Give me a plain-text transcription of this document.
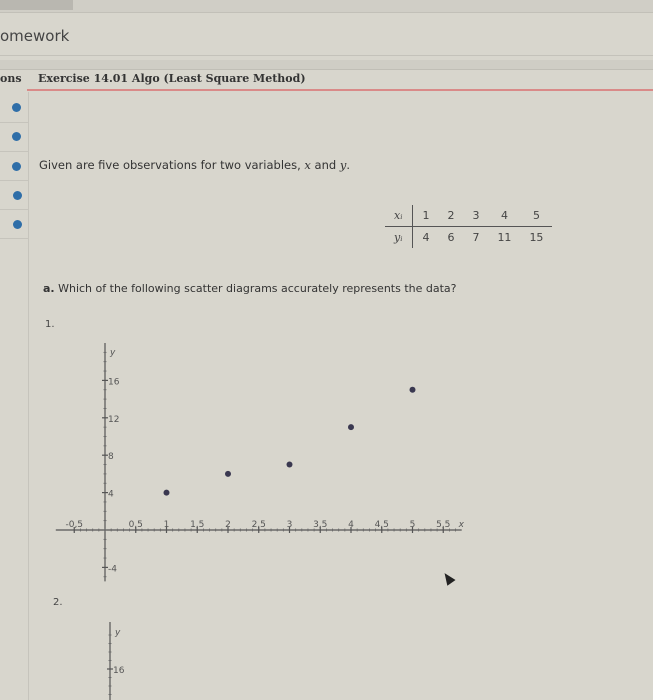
omework
ons Exercise 14.01 Algo (Least Square Method)
Given are five observations for two variables, x and y.
xᵢ	1	2	3	4	5
yᵢ	4	6	7	11	15
a. Which of the following scatter diagrams accurately represents the data?
1.
2.
-0,5	0,5 1 1,5 2 2,5 3 3,5 4 4,5 5 5,5
16
12
8
4
-4
x
y
y
16
